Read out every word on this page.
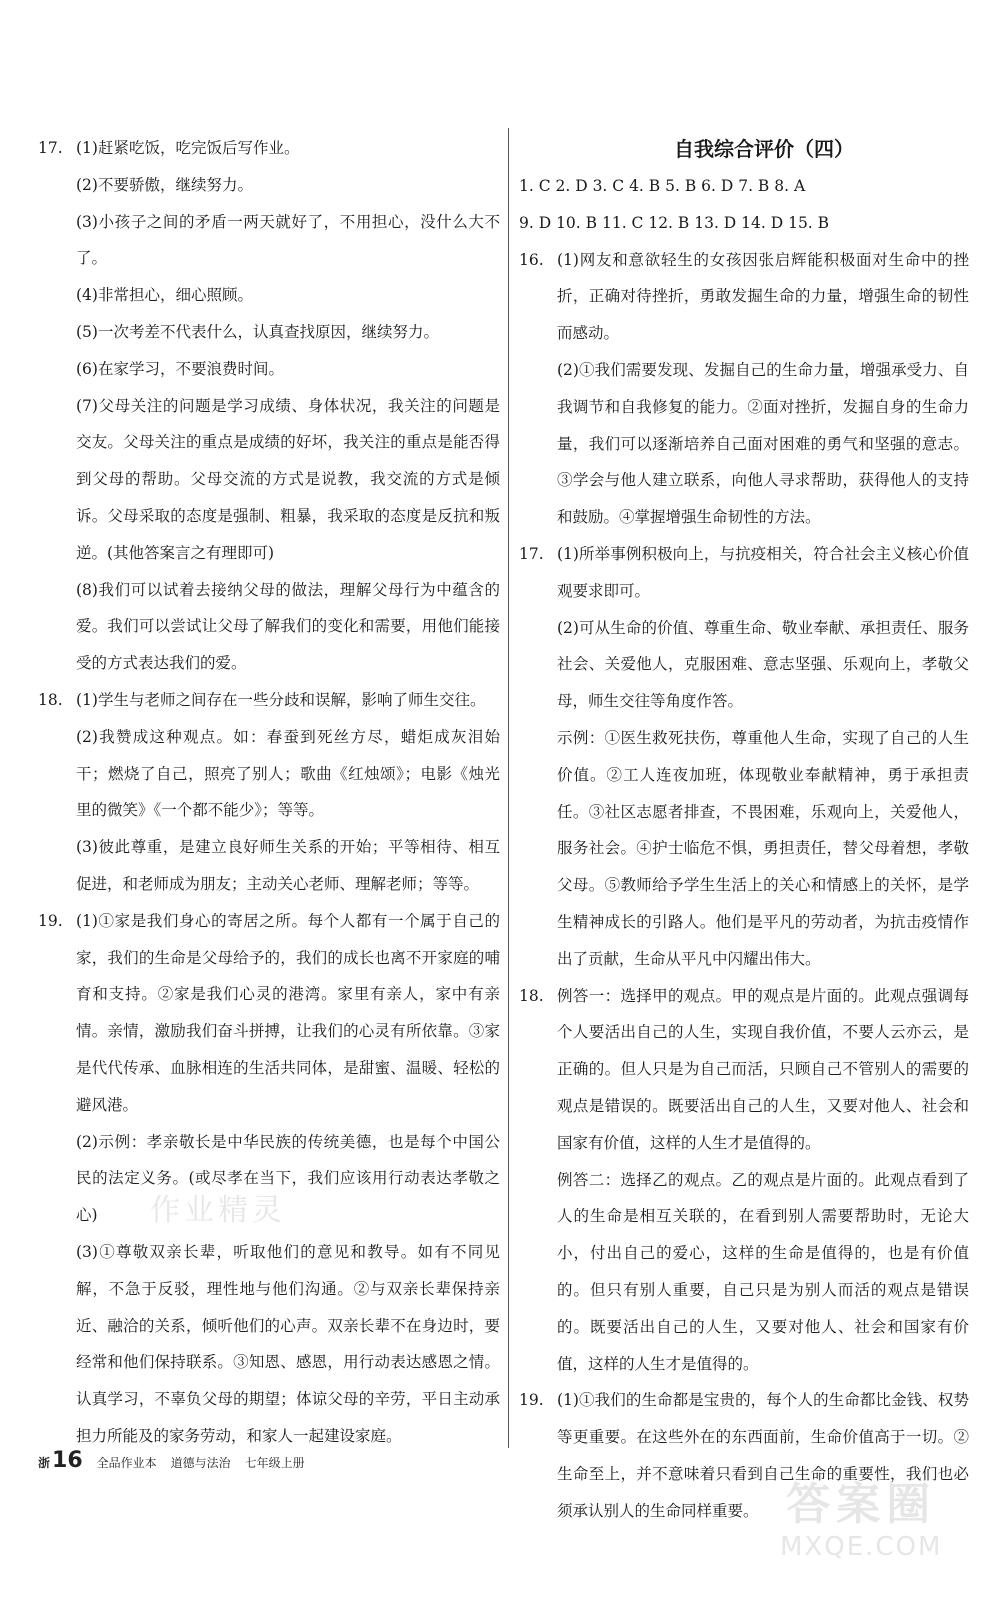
17. (1)赶紧吃饭，吃完饭后写作业。

(2)不要骄傲，继续努力。

(3)小孩子之间的矛盾一两天就好了，不用担心，没什么大不了。

(4)非常担心，细心照顾。

(5)一次考差不代表什么，认真查找原因，继续努力。

(6)在家学习，不要浪费时间。

(7)父母关注的问题是学习成绩、身体状况，我关注的问题是交友。父母关注的重点是成绩的好坏，我关注的重点是能否得到父母的帮助。父母交流的方式是说教，我交流的方式是倾诉。父母采取的态度是强制、粗暴，我采取的态度是反抗和叛逆。(其他答案言之有理即可)

(8)我们可以试着去接纳父母的做法，理解父母行为中蕴含的爱。我们可以尝试让父母了解我们的变化和需要，用他们能接受的方式表达我们的爱。

18. (1)学生与老师之间存在一些分歧和误解，影响了师生交往。

(2)我赞成这种观点。如：春蚕到死丝方尽，蜡炬成灰泪始干；燃烧了自己，照亮了别人；歌曲《红烛颂》；电影《烛光里的微笑》《一个都不能少》；等等。

(3)彼此尊重，是建立良好师生关系的开始；平等相待、相互促进，和老师成为朋友；主动关心老师、理解老师；等等。

19. (1)①家是我们身心的寄居之所。每个人都有一个属于自己的家，我们的生命是父母给予的，我们的成长也离不开家庭的哺育和支持。②家是我们心灵的港湾。家里有亲人，家中有亲情。亲情，激励我们奋斗拼搏，让我们的心灵有所依靠。③家是代代传承、血脉相连的生活共同体，是甜蜜、温暖、轻松的避风港。

(2)示例：孝亲敬长是中华民族的传统美德，也是每个中国公民的法定义务。(或尽孝在当下，我们应该用行动表达孝敬之心)

(3)①尊敬双亲长辈，听取他们的意见和教导。如有不同见解，不急于反驳，理性地与他们沟通。②与双亲长辈保持亲近、融洽的关系，倾听他们的心声。双亲长辈不在身边时，要经常和他们保持联系。③知恩、感恩，用行动表达感恩之情。认真学习，不辜负父母的期望；体谅父母的辛劳，平日主动承担力所能及的家务劳动，和家人一起建设家庭。

自我综合评价（四）

1. C 2. D 3. C 4. B 5. B 6. D 7. B 8. A

9. D 10. B 11. C 12. B 13. D 14. D 15. B

16. (1)网友和意欲轻生的女孩因张启辉能积极面对生命中的挫折，正确对待挫折，勇敢发掘生命的力量，增强生命的韧性而感动。

(2)①我们需要发现、发掘自己的生命力量，增强承受力、自我调节和自我修复的能力。②面对挫折，发掘自身的生命力量，我们可以逐渐培养自己面对困难的勇气和坚强的意志。③学会与他人建立联系，向他人寻求帮助，获得他人的支持和鼓励。④掌握增强生命韧性的方法。

17. (1)所举事例积极向上，与抗疫相关，符合社会主义核心价值观要求即可。

(2)可从生命的价值、尊重生命、敬业奉献、承担责任、服务社会、关爱他人，克服困难、意志坚强、乐观向上，孝敬父母，师生交往等角度作答。

示例：①医生救死扶伤，尊重他人生命，实现了自己的人生价值。②工人连夜加班，体现敬业奉献精神，勇于承担责任。③社区志愿者排查，不畏困难，乐观向上，关爱他人，服务社会。④护士临危不惧，勇担责任，替父母着想，孝敬父母。⑤教师给予学生生活上的关心和情感上的关怀，是学生精神成长的引路人。他们是平凡的劳动者，为抗击疫情作出了贡献，生命从平凡中闪耀出伟大。

18. 例答一：选择甲的观点。甲的观点是片面的。此观点强调每个人要活出自己的人生，实现自我价值，不要人云亦云，是正确的。但人只是为自己而活，只顾自己不管别人的需要的观点是错误的。既要活出自己的人生，又要对他人、社会和国家有价值，这样的人生才是值得的。

例答二：选择乙的观点。乙的观点是片面的。此观点看到了人的生命是相互关联的，在看到别人需要帮助时，无论大小，付出自己的爱心，这样的生命是值得的，也是有价值的。但只有别人重要，自己只是为别人而活的观点是错误的。既要活出自己的人生，又要对他人、社会和国家有价值，这样的人生才是值得的。

19. (1)①我们的生命都是宝贵的，每个人的生命都比金钱、权势等更重要。在这些外在的东西面前，生命价值高于一切。②生命至上，并不意味着只看到自己生命的重要性，我们也必须承认别人的生命同样重要。

浙16 全品作业本 道德与法治 七年级上册
作业精灵
答案圈
MXQE.COM
